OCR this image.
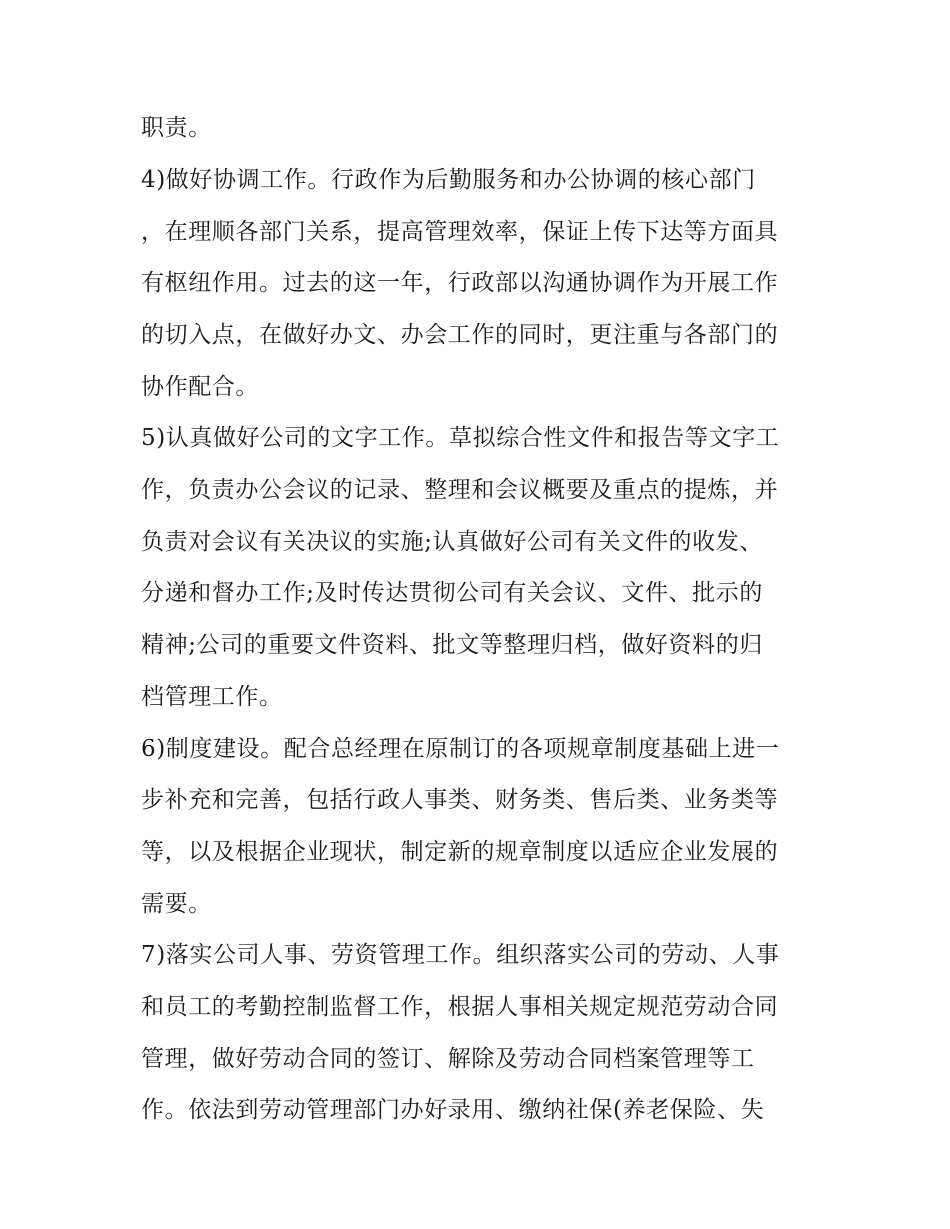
职责。
4)做好协调工作。行政作为后勤服务和办公协调的核心部门
，在理顺各部门关系，提高管理效率，保证上传下达等方面具
有枢纽作用。过去的这一年，行政部以沟通协调作为开展工作
的切入点，在做好办文、办会工作的同时，更注重与各部门的
协作配合。
5)认真做好公司的文字工作。草拟综合性文件和报告等文字工
作，负责办公会议的记录、整理和会议概要及重点的提炼，并
负责对会议有关决议的实施;认真做好公司有关文件的收发、
分递和督办工作;及时传达贯彻公司有关会议、文件、批示的
精神;公司的重要文件资料、批文等整理归档，做好资料的归
档管理工作。
6)制度建设。配合总经理在原制订的各项规章制度基础上进一
步补充和完善，包括行政人事类、财务类、售后类、业务类等
等，以及根据企业现状，制定新的规章制度以适应企业发展的
需要。
7)落实公司人事、劳资管理工作。组织落实公司的劳动、人事
和员工的考勤控制监督工作，根据人事相关规定规范劳动合同
管理，做好劳动合同的签订、解除及劳动合同档案管理等工
作。依法到劳动管理部门办好录用、缴纳社保(养老保险、失
